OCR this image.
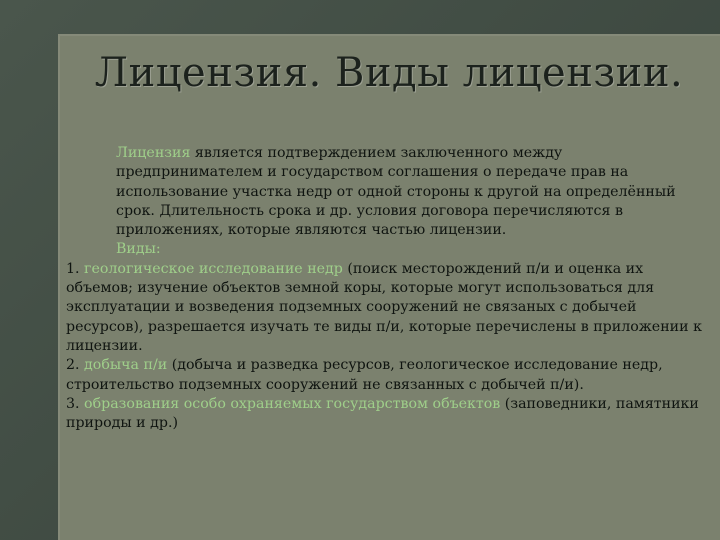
Лицензия. Виды лицензии.

Лицензия является подтверждением заключенного между предпринимателем и государством соглашения о передаче прав на использование участка недр от одной стороны к другой на определённый срок. Длительность срока и др. условия договора перечисляются в приложениях, которые являются частью лицензии.

Виды:

1. геологическое исследование недр (поиск месторождений п/и и оценка их объемов; изучение объектов земной коры, которые могут использоваться для эксплуатации и возведения подземных сооружений не связаных с добычей ресурсов), разрешается изучать те виды п/и, которые перечислены в приложении к лицензии.

2. добыча п/и (добыча и разведка ресурсов, геологическое исследование недр, строительство подземных сооружений не связанных с добычей п/и).

3. образования особо охраняемых государством объектов (заповедники, памятники природы и др.)
